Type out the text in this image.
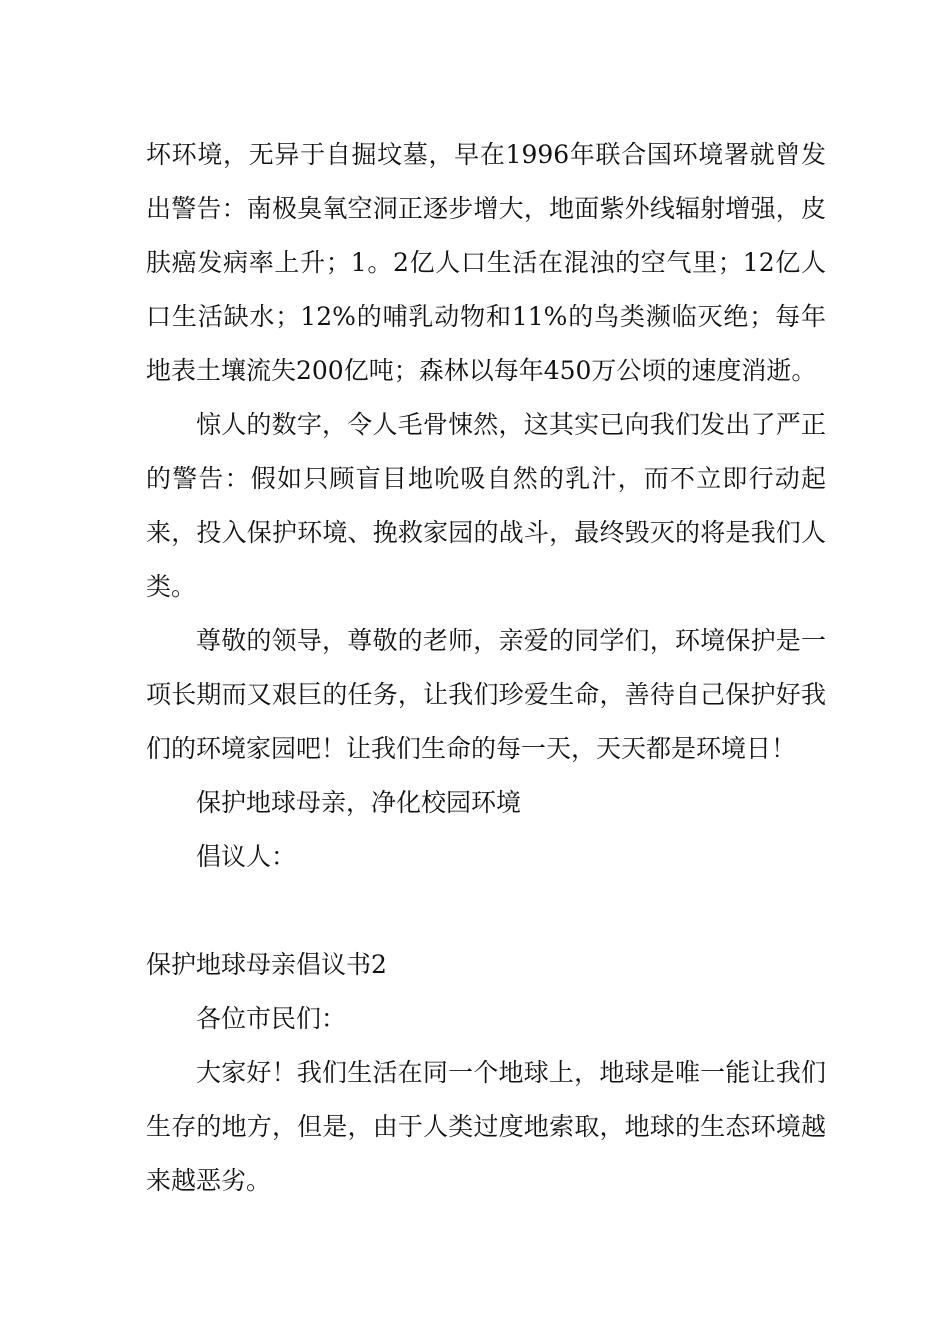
坏环境，无异于自掘坟墓，早在1996年联合国环境署就曾发出警告：南极臭氧空洞正逐步增大，地面紫外线辐射增强，皮肤癌发病率上升；1。2亿人口生活在混浊的空气里；12亿人口生活缺水；12%的哺乳动物和11%的鸟类濒临灭绝；每年地表土壤流失200亿吨；森林以每年450万公顷的速度消逝。

惊人的数字，令人毛骨悚然，这其实已向我们发出了严正的警告：假如只顾盲目地吮吸自然的乳汁，而不立即行动起来，投入保护环境、挽救家园的战斗，最终毁灭的将是我们人类。

尊敬的领导，尊敬的老师，亲爱的同学们，环境保护是一项长期而又艰巨的任务，让我们珍爱生命，善待自己保护好我们的环境家园吧！让我们生命的每一天，天天都是环境日！

保护地球母亲，净化校园环境

倡议人：

保护地球母亲倡议书2

各位市民们：

大家好！我们生活在同一个地球上，地球是唯一能让我们生存的地方，但是，由于人类过度地索取，地球的生态环境越来越恶劣。
